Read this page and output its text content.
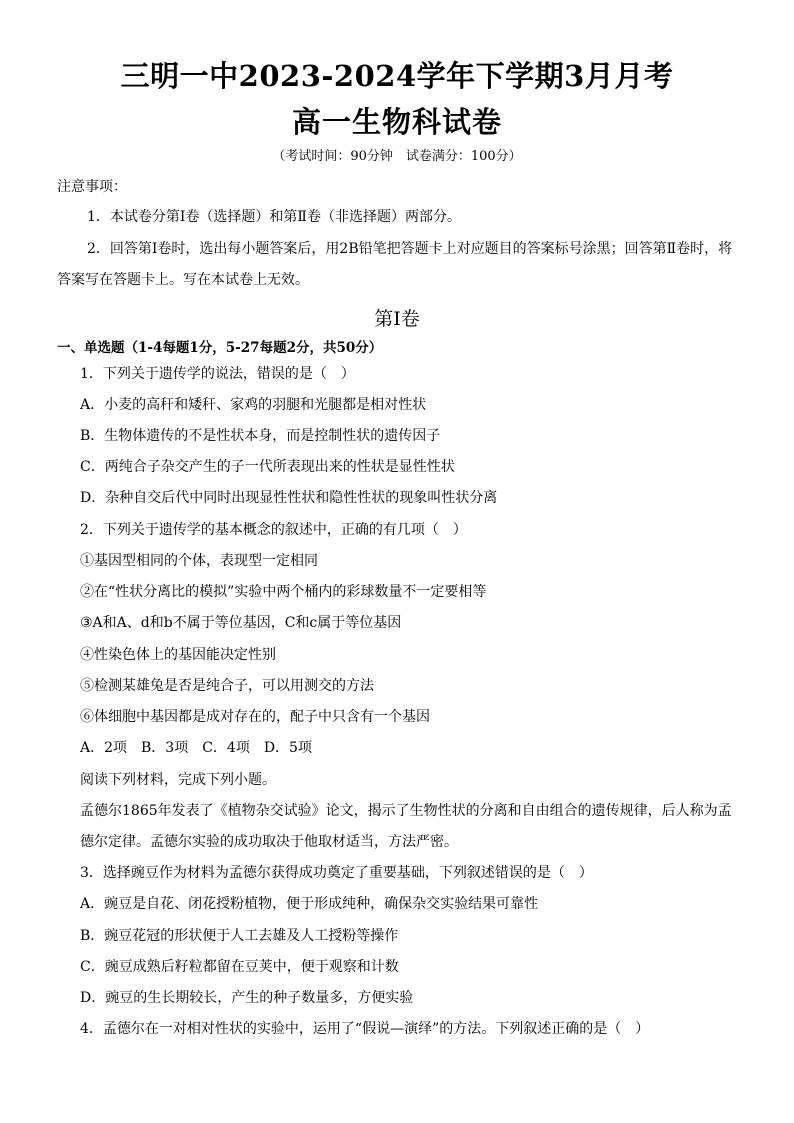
三明一中2023-2024学年下学期3月月考
高一生物科试卷
（考试时间：90分钟　试卷满分：100分）
注意事项：
1．本试卷分第Ⅰ卷（选择题）和第Ⅱ卷（非选择题）两部分。
2．回答第Ⅰ卷时，选出每小题答案后，用2B铅笔把答题卡上对应题目的答案标号涂黑；回答第Ⅱ卷时，将
答案写在答题卡上。写在本试卷上无效。
第Ⅰ卷
一、单选题（1-4每题1分，5-27每题2分，共50分）
1．下列关于遗传学的说法，错误的是（　）
A．小麦的高秆和矮秆、家鸡的羽腿和光腿都是相对性状
B．生物体遗传的不是性状本身，而是控制性状的遗传因子
C．两纯合子杂交产生的子一代所表现出来的性状是显性性状
D．杂种自交后代中同时出现显性性状和隐性性状的现象叫性状分离
2．下列关于遗传学的基本概念的叙述中，正确的有几项（　）
①基因型相同的个体，表现型一定相同
②在“性状分离比的模拟”实验中两个桶内的彩球数量不一定要相等
③A和A、d和b不属于等位基因，C和c属于等位基因
④性染色体上的基因能决定性别
⑤检测某雄兔是否是纯合子，可以用测交的方法
⑥体细胞中基因都是成对存在的，配子中只含有一个基因
A．2项　B．3项　C．4项　D．5项
阅读下列材料，完成下列小题。
孟德尔1865年发表了《植物杂交试验》论文，揭示了生物性状的分离和自由组合的遗传规律，后人称为孟
德尔定律。孟德尔实验的成功取决于他取材适当，方法严密。
3．选择豌豆作为材料为孟德尔获得成功奠定了重要基础，下列叙述错误的是（　）
A．豌豆是自花、闭花授粉植物，便于形成纯种，确保杂交实验结果可靠性
B．豌豆花冠的形状便于人工去雄及人工授粉等操作
C．豌豆成熟后籽粒都留在豆荚中，便于观察和计数
D．豌豆的生长期较长，产生的种子数量多，方便实验
4．孟德尔在一对相对性状的实验中，运用了“假说—演绎”的方法。下列叙述正确的是（　）
